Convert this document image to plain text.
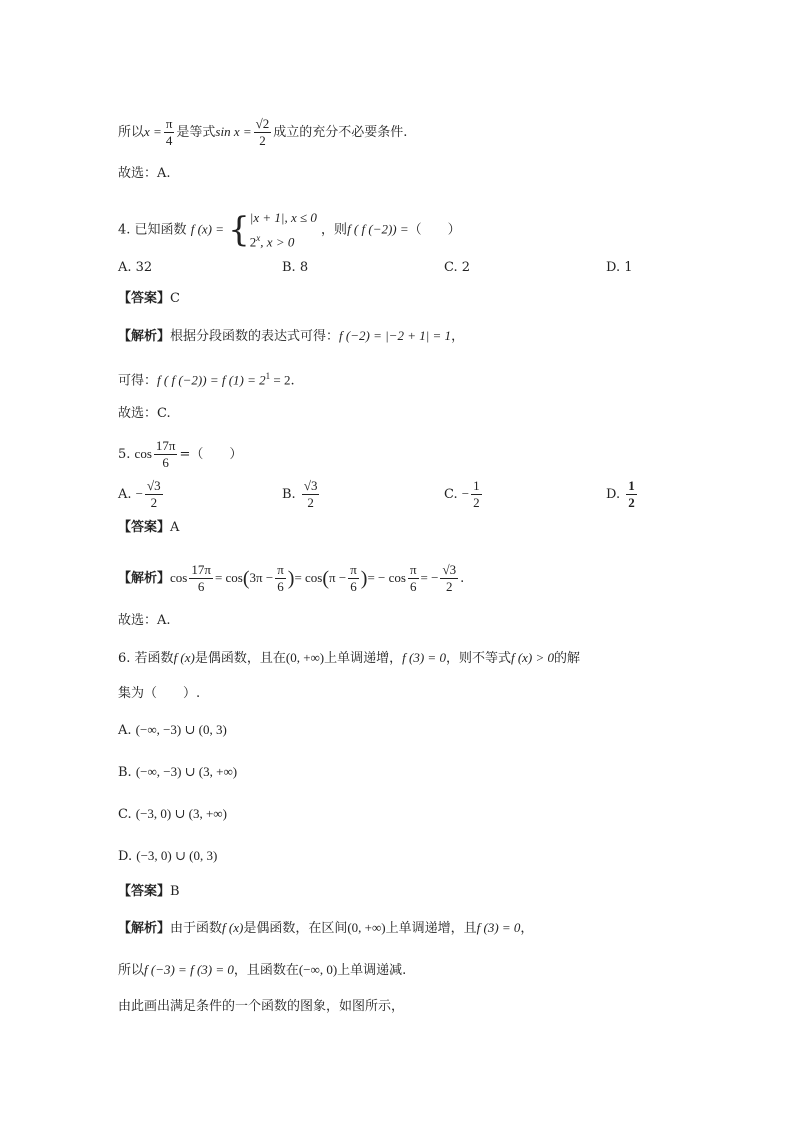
所以$x = \frac{\pi}{4}$ 是等式$\sin x = \frac{√2}{2}$ 成立的充分不必要条件.
故选：A.
4. 已知函数 f (x) = { |x + 1|, x ≤ 0
2$^x$, x > 0
，则f ( f (−2)) =（　　）
A. 32	B. 8	C. 2	D. 1
【答案】C
【解析】根据分段函数的表达式可得：f (−2) = |−2 + 1| = 1，
可得：f ( f (−2)) = f $(1) = 2^1 = 2$.
故选：C.
5. $\cos \frac{17\pi}{6}$ =（　　）
A. − $\frac{√3}{2}$	B. $\frac{√3}{2}$	C. − $\frac{1}{2}$	D. $\frac{1}{2}$
【答案】A
【解析】$\cos \frac{17\pi}{6} = \cos(3\pi - \frac{\pi}{6}$ )= $\cos(\pi - \frac{\pi}{6}$ )= − $\cos \frac{\pi}{6}$ = − $\frac{√3}{2}$ .
故选：A.
6. 若函数f (x)是偶函数，且在(0, +∞)上单调递增，f (3) = 0，则不等式f (x) > 0的解
集为（　　）.
A. (−∞, −3) ∪ (0, 3)
B. (−∞, −3) ∪ (3, +∞)
C. (−3, 0) ∪ (3, +∞)
D. (−3, 0) ∪ (0, 3)
【答案】B
【解析】由于函数f (x)是偶函数，在区间(0, +∞)上单调递增，且f (3) = 0，
所以f (−3) = f (3) = 0，且函数在(−∞, 0)上单调递减.
由此画出满足条件的一个函数的图象，如图所示，
